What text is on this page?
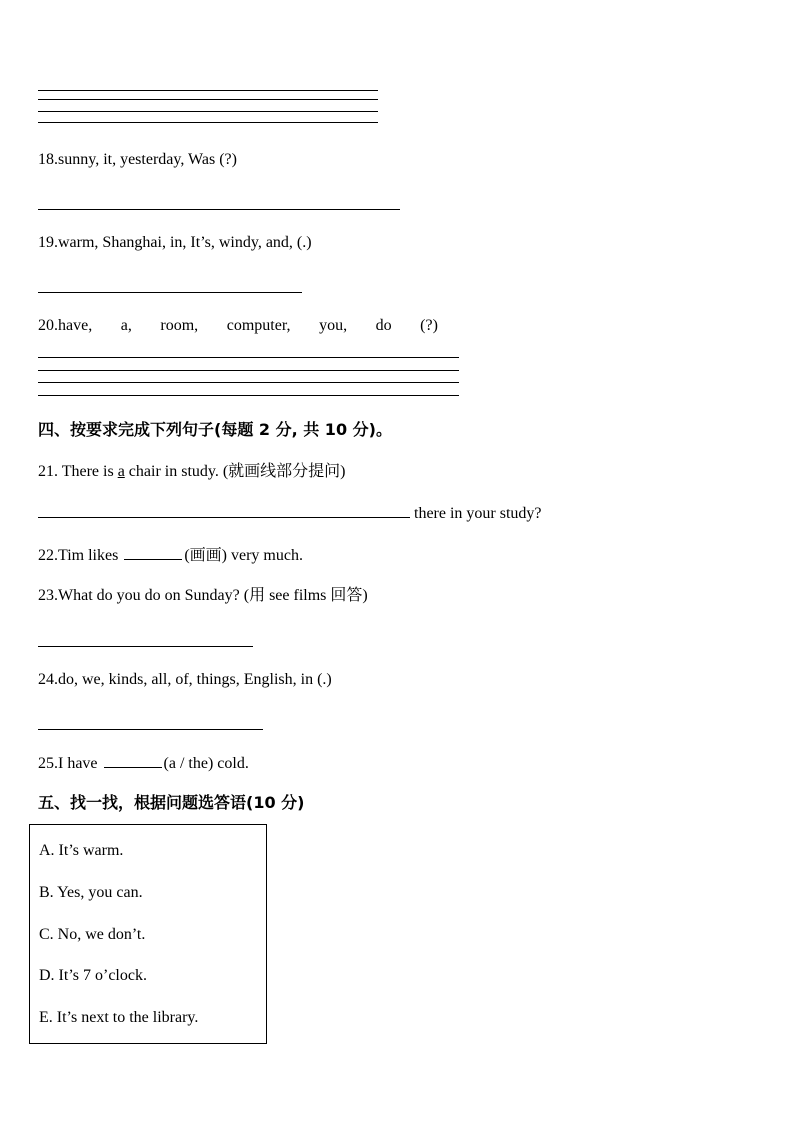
18.sunny, it, yesterday, Was (?)
19.warm, Shanghai, in, It’s, windy, and, (.)
20.have, a, room, computer, you, do (?)
四、按要求完成下列句子(每题 2 分, 共 10 分)。
21. There is a chair in study. (就画线部分提问)
there in your study?
22.Tim likes	(画画) very much.
23.What do you do on Sunday? (用 see films 回答)
24.do, we, kinds, all, of, things, English, in (.)
25.I have	(a / the) cold.
五、找一找，根据问题选答语(10 分)
A. It’s warm.
B. Yes, you can.
C. No, we don’t.
D. It’s 7 o’clock.
E. It’s next to the library.
